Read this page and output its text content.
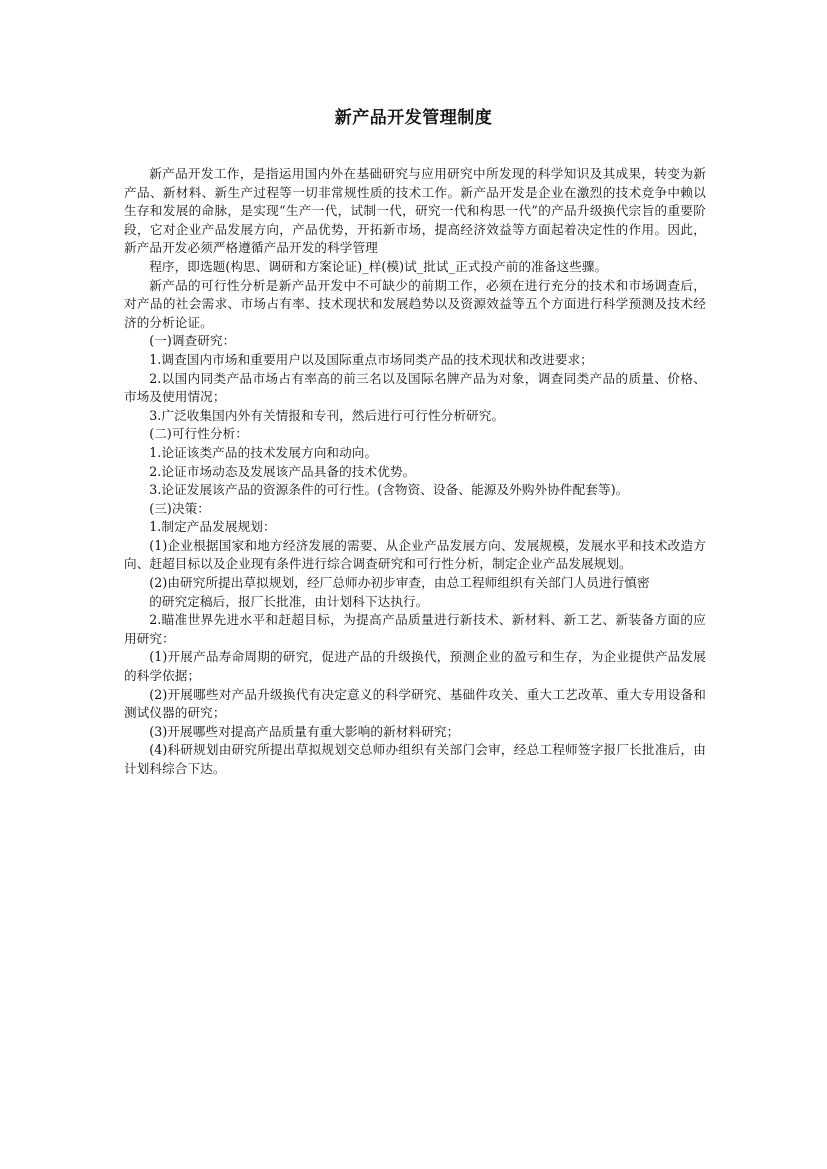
新产品开发管理制度

新产品开发工作，是指运用国内外在基础研究与应用研究中所发现的科学知识及其成果，转变为新产品、新材料、新生产过程等一切非常规性质的技术工作。新产品开发是企业在激烈的技术竞争中赖以生存和发展的命脉，是实现“生产一代，试制一代，研究一代和构思一代”的产品升级换代宗旨的重要阶段，它对企业产品发展方向，产品优势，开拓新市场，提高经济效益等方面起着决定性的作用。因此，新产品开发必须严格遵循产品开发的科学管理

程序，即选题(构思、调研和方案论证)_样(模)试_批试_正式投产前的准备这些骤。

新产品的可行性分析是新产品开发中不可缺少的前期工作，必须在进行充分的技术和市场调查后，对产品的社会需求、市场占有率、技术现状和发展趋势以及资源效益等五个方面进行科学预测及技术经济的分析论证。

(一)调查研究：

1.调查国内市场和重要用户以及国际重点市场同类产品的技术现状和改进要求；

2.以国内同类产品市场占有率高的前三名以及国际名牌产品为对象，调查同类产品的质量、价格、市场及使用情况；

3.广泛收集国内外有关情报和专刊，然后进行可行性分析研究。

(二)可行性分析：

1.论证该类产品的技术发展方向和动向。

2.论证市场动态及发展该产品具备的技术优势。

3.论证发展该产品的资源条件的可行性。(含物资、设备、能源及外购外协件配套等)。

(三)决策：

1.制定产品发展规划：

(1)企业根据国家和地方经济发展的需要、从企业产品发展方向、发展规模，发展水平和技术改造方向、赶超目标以及企业现有条件进行综合调查研究和可行性分析，制定企业产品发展规划。

(2)由研究所提出草拟规划，经厂总师办初步审查，由总工程师组织有关部门人员进行慎密

的研究定稿后，报厂长批准，由计划科下达执行。

2.瞄准世界先进水平和赶超目标，为提高产品质量进行新技术、新材料、新工艺、新装备方面的应用研究：

(1)开展产品寿命周期的研究，促进产品的升级换代，预测企业的盈亏和生存，为企业提供产品发展的科学依据；

(2)开展哪些对产品升级换代有决定意义的科学研究、基础件攻关、重大工艺改革、重大专用设备和测试仪器的研究；

(3)开展哪些对提高产品质量有重大影响的新材料研究；

(4)科研规划由研究所提出草拟规划交总师办组织有关部门会审，经总工程师签字报厂长批准后，由计划科综合下达。
